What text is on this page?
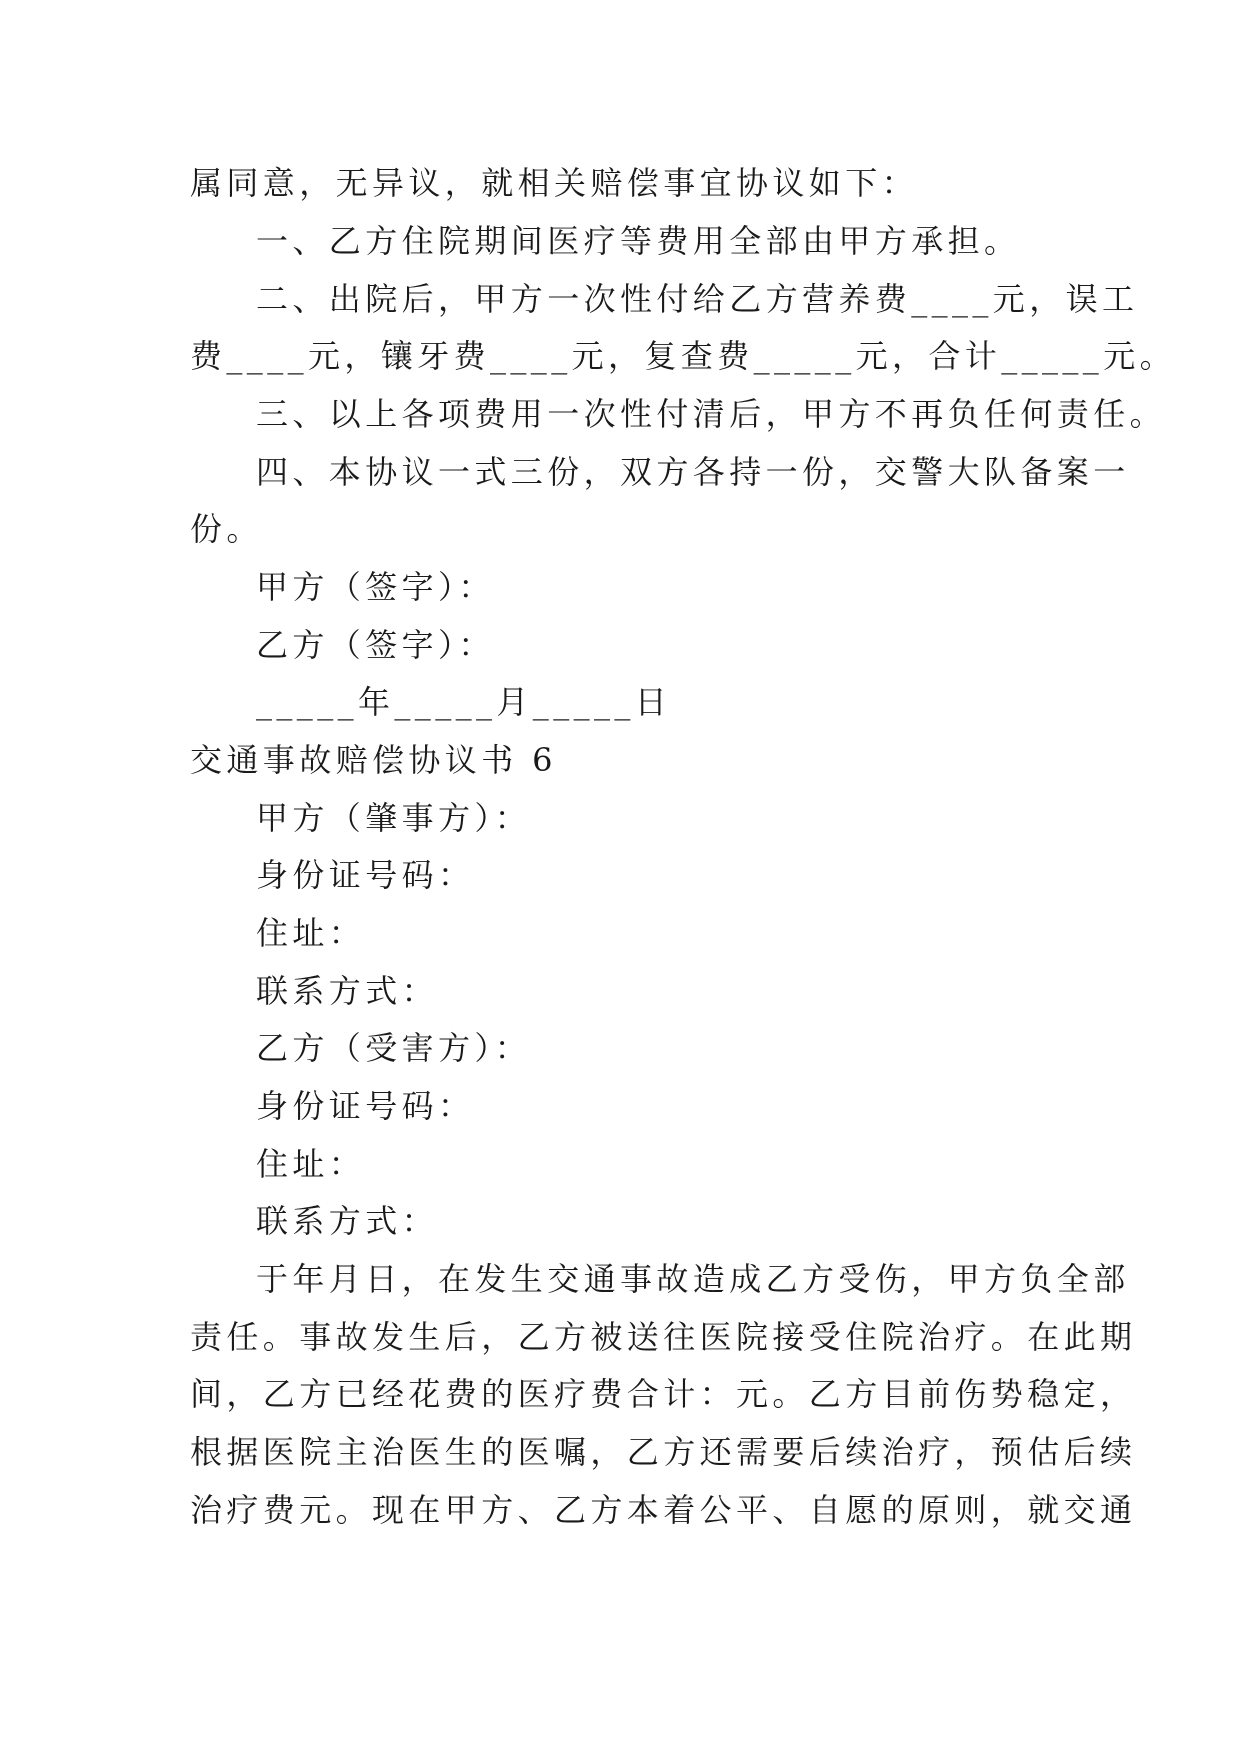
属同意，无异议，就相关赔偿事宜协议如下：
一、乙方住院期间医疗等费用全部由甲方承担。
二、出院后，甲方一次性付给乙方营养费____元，误工
费____元，镶牙费____元，复查费_____元，合计_____元。
三、以上各项费用一次性付清后，甲方不再负任何责任。
四、本协议一式三份，双方各持一份，交警大队备案一
份。
甲方（签字）：
乙方（签字）：
_____年_____月_____日
交通事故赔偿协议书 6
甲方（肇事方）：
身份证号码：
住址：
联系方式：
乙方（受害方）：
身份证号码：
住址：
联系方式：
于年月日，在发生交通事故造成乙方受伤，甲方负全部
责任。事故发生后，乙方被送往医院接受住院治疗。在此期
间，乙方已经花费的医疗费合计：元。乙方目前伤势稳定，
根据医院主治医生的医嘱，乙方还需要后续治疗，预估后续
治疗费元。现在甲方、乙方本着公平、自愿的原则，就交通
